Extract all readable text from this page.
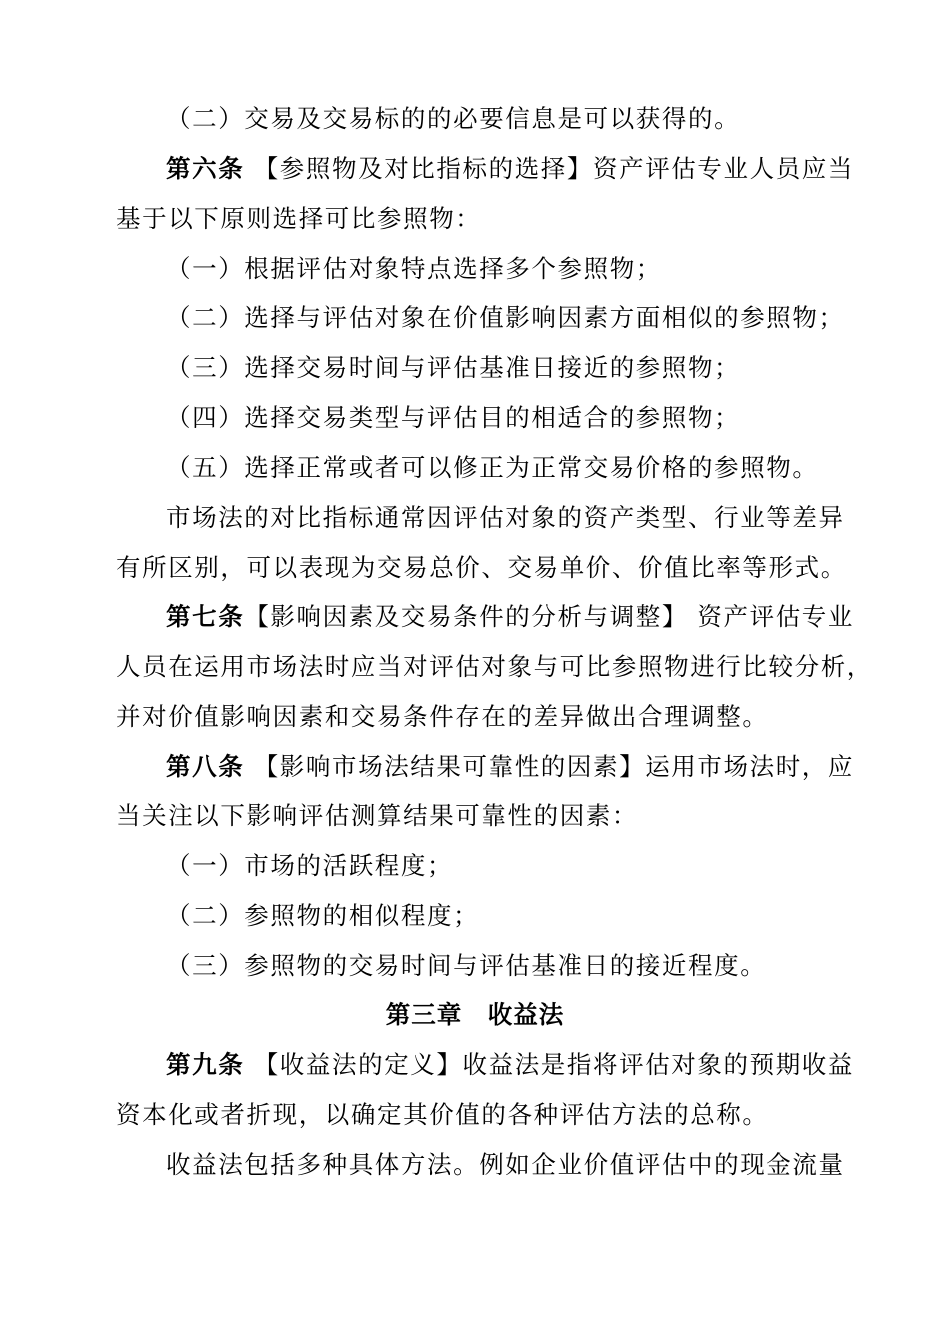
（二）交易及交易标的的必要信息是可以获得的。
第六条 【参照物及对比指标的选择】资产评估专业人员应当
基于以下原则选择可比参照物：
（一）根据评估对象特点选择多个参照物；
（二）选择与评估对象在价值影响因素方面相似的参照物；
（三）选择交易时间与评估基准日接近的参照物；
（四）选择交易类型与评估目的相适合的参照物；
（五）选择正常或者可以修正为正常交易价格的参照物。
市场法的对比指标通常因评估对象的资产类型、行业等差异
有所区别，可以表现为交易总价、交易单价、价值比率等形式。
第七条【影响因素及交易条件的分析与调整】 资产评估专业
人员在运用市场法时应当对评估对象与可比参照物进行比较分析，
并对价值影响因素和交易条件存在的差异做出合理调整。
第八条 【影响市场法结果可靠性的因素】运用市场法时，应
当关注以下影响评估测算结果可靠性的因素：
（一）市场的活跃程度；
（二）参照物的相似程度；
（三）参照物的交易时间与评估基准日的接近程度。
第三章　收益法
第九条 【收益法的定义】收益法是指将评估对象的预期收益
资本化或者折现，以确定其价值的各种评估方法的总称。
收益法包括多种具体方法。例如企业价值评估中的现金流量
